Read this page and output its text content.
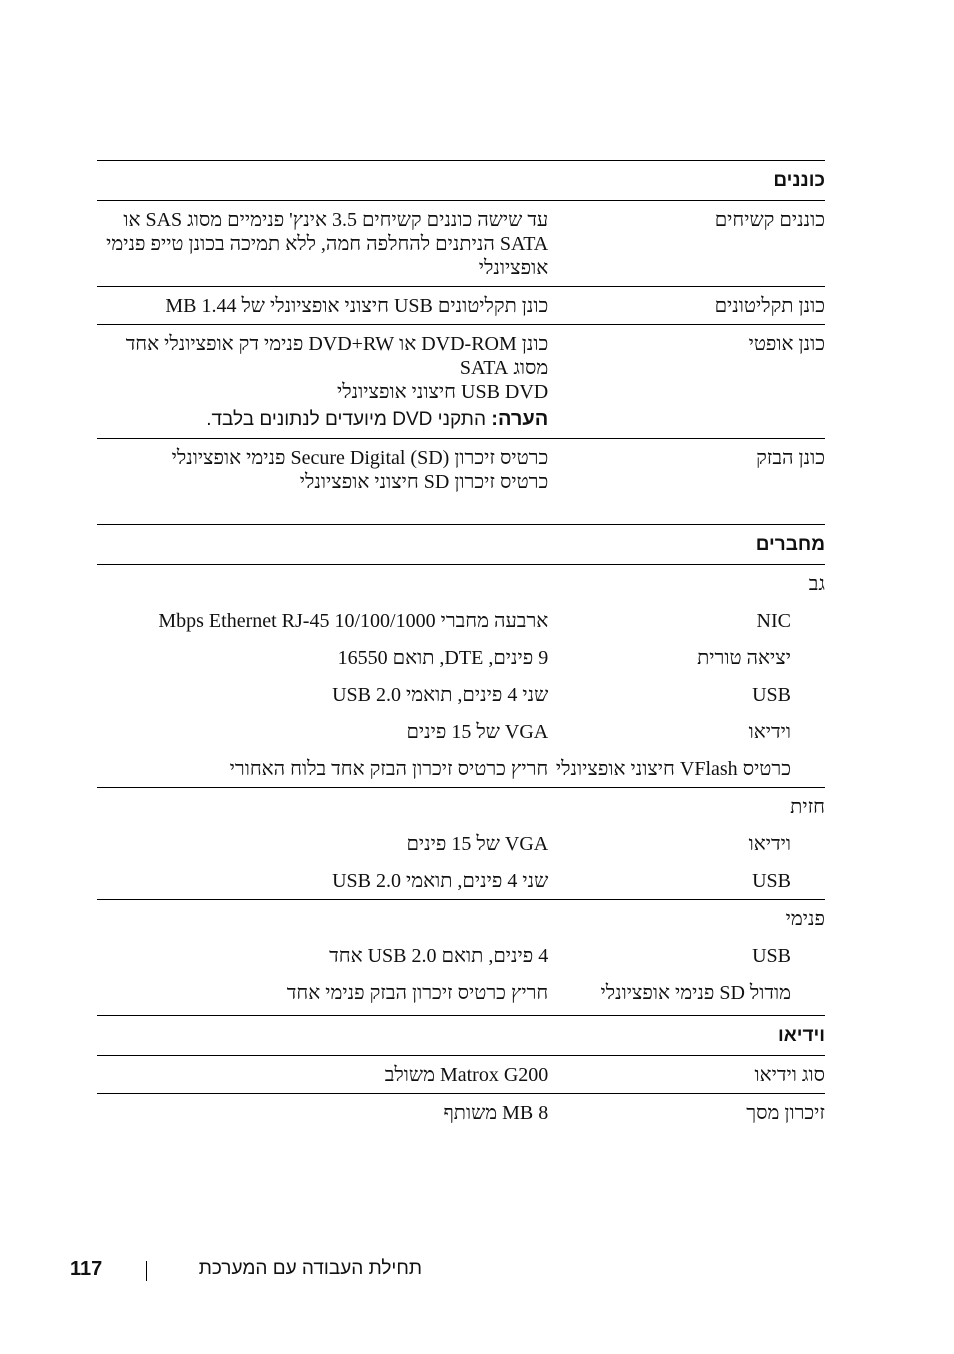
כוננים	
כוננים קשיחים	עד שישה כוננים קשיחים 3.5 אינץ' פנימיים מסוג SAS או SATA הניתנים להחלפה חמה, ללא תמיכה בכונן טייפ פנימי אופציונלי
כונן תקליטונים	כונן תקליטונים USB חיצוני אופציונלי של 1.44 MB
כונן אופטי	כונן DVD-ROM או DVD+RW פנימי דק אופציונלי אחד מסוג SATA
USB DVD חיצוני אופציונלי
הערה: התקני DVD מיועדים לנתונים בלבד.

כונן הבזק	כרטיס זיכרון Secure Digital (SD) פנימי אופציונלי
כרטיס זיכרון SD חיצוני אופציונלי

מחברים	
גב	
NIC	ארבעה מחברי 10/100/1000 Mbps Ethernet RJ-45
יציאה טורית	9 פינים, DTE, תואם 16550
USB	שני 4 פינים, תואמי USB 2.0
וידיאו	VGA של 15 פינים
כרטיס VFlash חיצוני אופציונלי	חריץ כרטיס זיכרון הבזק אחד בלוח האחורי
חזית	
וידיאו	VGA של 15 פינים
USB	שני 4 פינים, תואמי USB 2.0
פנימי	
USB	4 פינים, תואם USB 2.0 אחד
מודול SD פנימי אופציונלי	חריץ כרטיס זיכרון הבזק פנימי אחד

וידיאו	
סוג וידיאו	Matrox G200 משולב
זיכרון מסך	8 MB משותף
117	תחילת העבודה עם המערכת
